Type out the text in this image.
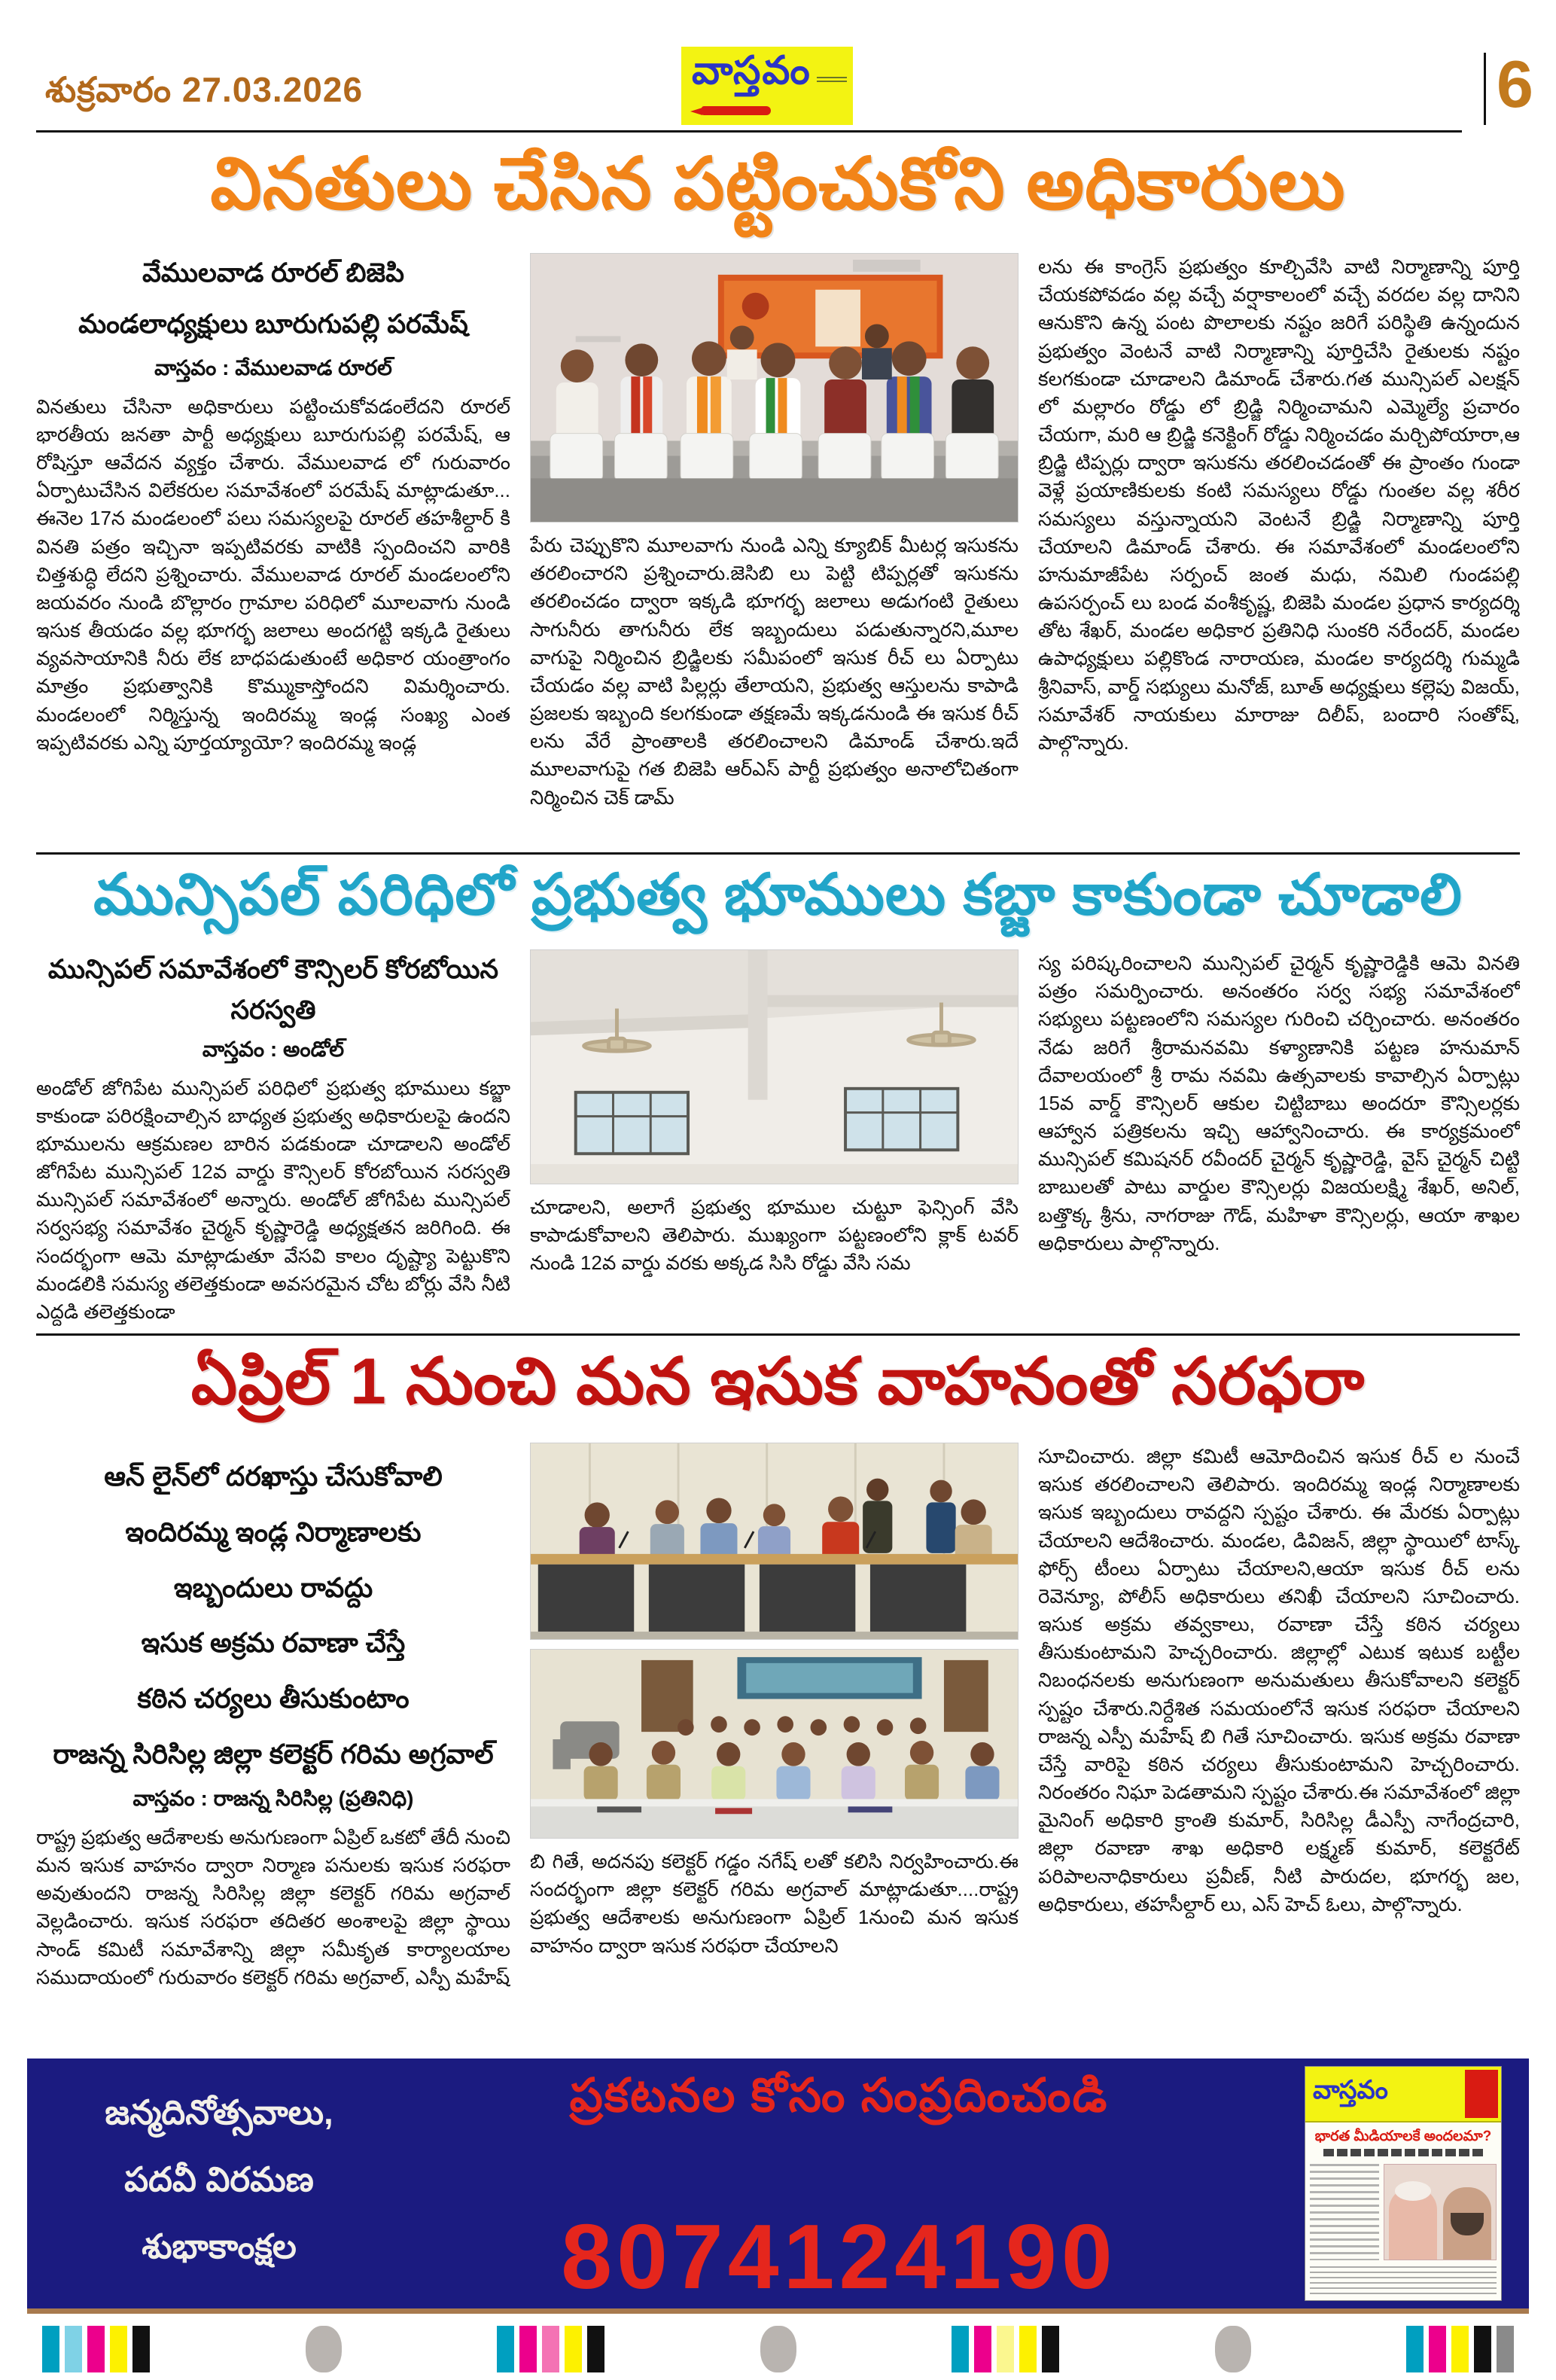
శుక్రవారం 27.03.2026	వాస్తవం	6
వినతులు చేసిన పట్టించుకోని అధికారులు
వేములవాడ రూరల్ బిజెపి
మండలాధ్యక్షులు బూరుగుపల్లి పరమేష్
వాస్తవం : వేములవాడ రూరల్
వినతులు చేసినా అధికారులు పట్టించుకోవడంలేదని రూరల్ భారతీయ జనతా పార్టీ అధ్యక్షులు బూరుగుపల్లి పరమేష్, ఆ రోషిస్తూ ఆవేదన వ్యక్తం చేశారు. వేములవాడ లో గురువారం ఏర్పాటుచేసిన విలేకరుల సమావేశంలో పరమేష్ మాట్లాడుతూ... ఈనెల 17న మండలంలో పలు సమస్యలపై రూరల్ తహశీల్దార్ కి వినతి పత్రం ఇచ్చినా ఇప్పటివరకు వాటికి స్పందించని వారికి చిత్తశుద్ధి లేదని ప్రశ్నించారు. వేములవాడ రూరల్ మండలంలోని జయవరం నుండి బొల్లారం గ్రామాల పరిధిలో మూలవాగు నుండి ఇసుక తీయడం వల్ల భూగర్భ జలాలు అందగట్టి ఇక్కడి రైతులు వ్యవసాయానికి నీరు లేక బాధపడుతుంటే అధికార యంత్రాంగం మాత్రం ప్రభుత్వానికి కొమ్ముకాస్తోందని విమర్శించారు. మండలంలో నిర్మిస్తున్న ఇందిరమ్మ ఇండ్ల సంఖ్య ఎంత ఇప్పటివరకు ఎన్ని పూర్తయ్యాయో? ఇందిరమ్మ ఇండ్ల
పేరు చెప్పుకొని మూలవాగు నుండి ఎన్ని క్యూబిక్ మీటర్ల ఇసుకను తరలించారని ప్రశ్నించారు.జెసిబి లు పెట్టి టిప్పర్లతో ఇసుకను తరలించడం ద్వారా ఇక్కడి భూగర్భ జలాలు అడుగంటి రైతులు సాగునీరు తాగునీరు లేక ఇబ్బందులు పడుతున్నారని,మూల వాగుపై నిర్మించిన బ్రిడ్జిలకు సమీపంలో ఇసుక రీచ్ లు ఏర్పాటు చేయడం వల్ల వాటి పిల్లర్లు తేలాయని, ప్రభుత్వ ఆస్తులను కాపాడి ప్రజలకు ఇబ్బంది కలగకుండా తక్షణమే ఇక్కడనుండి ఈ ఇసుక రీచ్ లను వేరే ప్రాంతాలకి తరలించాలని డిమాండ్ చేశారు.ఇదే మూలవాగుపై గత బిజెపి ఆర్ఎస్ పార్టీ ప్రభుత్వం అనాలోచితంగా నిర్మించిన చెక్ డామ్
లను ఈ కాంగ్రెస్ ప్రభుత్వం కూల్చివేసి వాటి నిర్మాణాన్ని పూర్తి చేయకపోవడం వల్ల వచ్చే వర్షాకాలంలో వచ్చే వరదల వల్ల దానిని ఆనుకొని ఉన్న పంట పొలాలకు నష్టం జరిగే పరిస్థితి ఉన్నందున ప్రభుత్వం వెంటనే వాటి నిర్మాణాన్ని పూర్తిచేసి రైతులకు నష్టం కలగకుండా చూడాలని డిమాండ్ చేశారు.గత మున్సిపల్ ఎలక్షన్ లో మల్లారం రోడ్డు లో బ్రిడ్జి నిర్మించామని ఎమ్మెల్యే ప్రచారం చేయగా, మరి ఆ బ్రిడ్జి కనెక్టింగ్ రోడ్డు నిర్మించడం మర్చిపోయారా,ఆ బ్రిడ్జి టిప్పర్లు ద్వారా ఇసుకను తరలించడంతో ఈ ప్రాంతం గుండా వెళ్లే ప్రయాణికులకు కంటి సమస్యలు రోడ్డు గుంతల వల్ల శరీర సమస్యలు వస్తున్నాయని వెంటనే బ్రిడ్జి నిర్మాణాన్ని పూర్తి చేయాలని డిమాండ్ చేశారు. ఈ సమావేశంలో మండలంలోని హనుమాజీపేట సర్పంచ్ జంత మధు, నమిలి గుండపల్లి ఉపసర్పంచ్ లు బండ వంశీకృష్ణ, బిజెపి మండల ప్రధాన కార్యదర్శి తోట శేఖర్, మండల అధికార ప్రతినిధి సుంకరి నరేందర్, మండల ఉపాధ్యక్షులు పల్లికొండ నారాయణ, మండల కార్యదర్శి గుమ్మడి శ్రీనివాస్, వార్డ్ సభ్యులు మనోజ్, బూత్ అధ్యక్షులు కల్లెపు విజయ్, సమావేశర్ నాయకులు మారాజు దిలీప్, బందారి సంతోష్, పాల్గొన్నారు.
మున్సిపల్ పరిధిలో ప్రభుత్వ భూములు కబ్జా కాకుండా చూడాలి
మున్సిపల్ సమావేశంలో కౌన్సిలర్ కోరబోయిన సరస్వతి
వాస్తవం : అండోల్
అండోల్ జోగిపేట మున్సిపల్ పరిధిలో ప్రభుత్వ భూములు కబ్జా కాకుండా పరిరక్షించాల్సిన బాధ్యత ప్రభుత్వ అధికారులపై ఉందని భూములను ఆక్రమణల బారిన పడకుండా చూడాలని అండోల్ జోగిపేట మున్సిపల్ 12వ వార్డు కౌన్సిలర్ కోరబోయిన సరస్వతి మున్సిపల్ సమావేశంలో అన్నారు. అండోల్ జోగిపేట మున్సిపల్ సర్వసభ్య సమావేశం చైర్మన్ కృష్ణారెడ్డి అధ్యక్షతన జరిగింది. ఈ సందర్భంగా ఆమె మాట్లాడుతూ వేసవి కాలం దృష్ట్యా పెట్టుకొని మండలికి సమస్య తలెత్తకుండా అవసరమైన చోట బోర్లు వేసి నీటి ఎద్దడి తలెత్తకుండా
చూడాలని, అలాగే ప్రభుత్వ భూముల చుట్టూ ఫెన్సింగ్ వేసి కాపాడుకోవాలని తెలిపారు. ముఖ్యంగా పట్టణంలోని క్లాక్ టవర్ నుండి 12వ వార్డు వరకు అక్కడ సిసి రోడ్డు వేసి సమ
స్య పరిష్కరించాలని మున్సిపల్ చైర్మన్ కృష్ణారెడ్డికి ఆమె వినతి పత్రం సమర్పించారు. అనంతరం సర్వ సభ్య సమావేశంలో సభ్యులు పట్టణంలోని సమస్యల గురించి చర్చించారు. అనంతరం నేడు జరిగే శ్రీరామనవమి కళ్యాణానికి పట్టణ హనుమాన్ దేవాలయంలో శ్రీ రామ నవమి ఉత్సవాలకు కావాల్సిన ఏర్పాట్లు 15వ వార్డ్ కౌన్సిలర్ ఆకుల చిట్టిబాబు అందరూ కౌన్సిలర్లకు ఆహ్వాన పత్రికలను ఇచ్చి ఆహ్వానించారు. ఈ కార్యక్రమంలో మున్సిపల్ కమిషనర్ రవీందర్ చైర్మన్ కృష్ణారెడ్డి, వైస్ చైర్మన్ చిట్టి బాబులతో పాటు వార్డుల కౌన్సిలర్లు విజయలక్ష్మి శేఖర్, అనిల్, బత్తొక్క శ్రీను, నాగరాజు గౌడ్, మహిళా కౌన్సిలర్లు, ఆయా శాఖల అధికారులు పాల్గొన్నారు.
ఏప్రిల్ 1 నుంచి మన ఇసుక వాహనంతో సరఫరా
ఆన్ లైన్‌లో దరఖాస్తు చేసుకోవాలి
ఇందిరమ్మ ఇండ్ల నిర్మాణాలకు
ఇబ్బందులు రావద్దు
ఇసుక అక్రమ రవాణా చేస్తే
కఠిన చర్యలు తీసుకుంటాం
రాజన్న సిరిసిల్ల జిల్లా కలెక్టర్ గరిమ అగ్రవాల్
వాస్తవం : రాజన్న సిరిసిల్ల (ప్రతినిధి)
రాష్ట్ర ప్రభుత్వ ఆదేశాలకు అనుగుణంగా ఏప్రిల్ ఒకటో తేదీ నుంచి మన ఇసుక వాహనం ద్వారా నిర్మాణ పనులకు ఇసుక సరఫరా అవుతుందని రాజన్న సిరిసిల్ల జిల్లా కలెక్టర్ గరిమ అగ్రవాల్ వెల్లడించారు. ఇసుక సరఫరా తదితర అంశాలపై జిల్లా స్థాయి సాండ్ కమిటీ సమావేశాన్ని జిల్లా సమీకృత కార్యాలయాల సముదాయంలో గురువారం కలెక్టర్ గరిమ అగ్రవాల్, ఎస్పీ మహేష్
బి గితే, అదనపు కలెక్టర్ గడ్డం నగేష్ లతో కలిసి నిర్వహించారు.ఈ సందర్భంగా జిల్లా కలెక్టర్ గరిమ అగ్రవాల్ మాట్లాడుతూ....రాష్ట్ర ప్రభుత్వ ఆదేశాలకు అనుగుణంగా ఏప్రిల్ 1నుంచి మన ఇసుక వాహనం ద్వారా ఇసుక సరఫరా చేయాలని
సూచించారు. జిల్లా కమిటీ ఆమోదించిన ఇసుక రీచ్ ల నుంచే ఇసుక తరలించాలని తెలిపారు. ఇందిరమ్మ ఇండ్ల నిర్మాణాలకు ఇసుక ఇబ్బందులు రావద్దని స్పష్టం చేశారు. ఈ మేరకు ఏర్పాట్లు చేయాలని ఆదేశించారు. మండల, డివిజన్, జిల్లా స్థాయిలో టాస్క్ ఫోర్స్ టీంలు ఏర్పాటు చేయాలని,ఆయా ఇసుక రీచ్ లను రెవెన్యూ, పోలీస్ అధికారులు తనిఖీ చేయాలని సూచించారు. ఇసుక అక్రమ తవ్వకాలు, రవాణా చేస్తే కఠిన చర్యలు తీసుకుంటామని హెచ్చరించారు. జిల్లాల్లో ఎటుక ఇటుక బట్టీల నిబంధనలకు అనుగుణంగా అనుమతులు తీసుకోవాలని కలెక్టర్ స్పష్టం చేశారు.నిర్దేశిత సమయంలోనే ఇసుక సరఫరా చేయాలని రాజన్న ఎస్పీ మహేష్ బి గితే సూచించారు. ఇసుక అక్రమ రవాణా చేస్తే వారిపై కఠిన చర్యలు తీసుకుంటామని హెచ్చరించారు. నిరంతరం నిఘా పెడతామని స్పష్టం చేశారు.ఈ సమావేశంలో జిల్లా మైనింగ్ అధికారి క్రాంతి కుమార్, సిరిసిల్ల డీఎస్పీ నాగేంద్రచారి, జిల్లా రవాణా శాఖ అధికారి లక్ష్మణ్ కుమార్, కలెక్టరేట్ పరిపాలనాధికారులు ప్రవీణ్, నీటి పారుదల, భూగర్భ జల, అధికారులు, తహసీల్దార్ లు, ఎస్ హెచ్ ఓలు, పాల్గొన్నారు.
జన్మదినోత్సవాలు,
పదవీ విరమణ
శుభాకాంక్షల
ప్రకటనల కోసం సంప్రదించండి
8074124190
వాస్తవం
భారత మీడియాలకే అందలమా?
